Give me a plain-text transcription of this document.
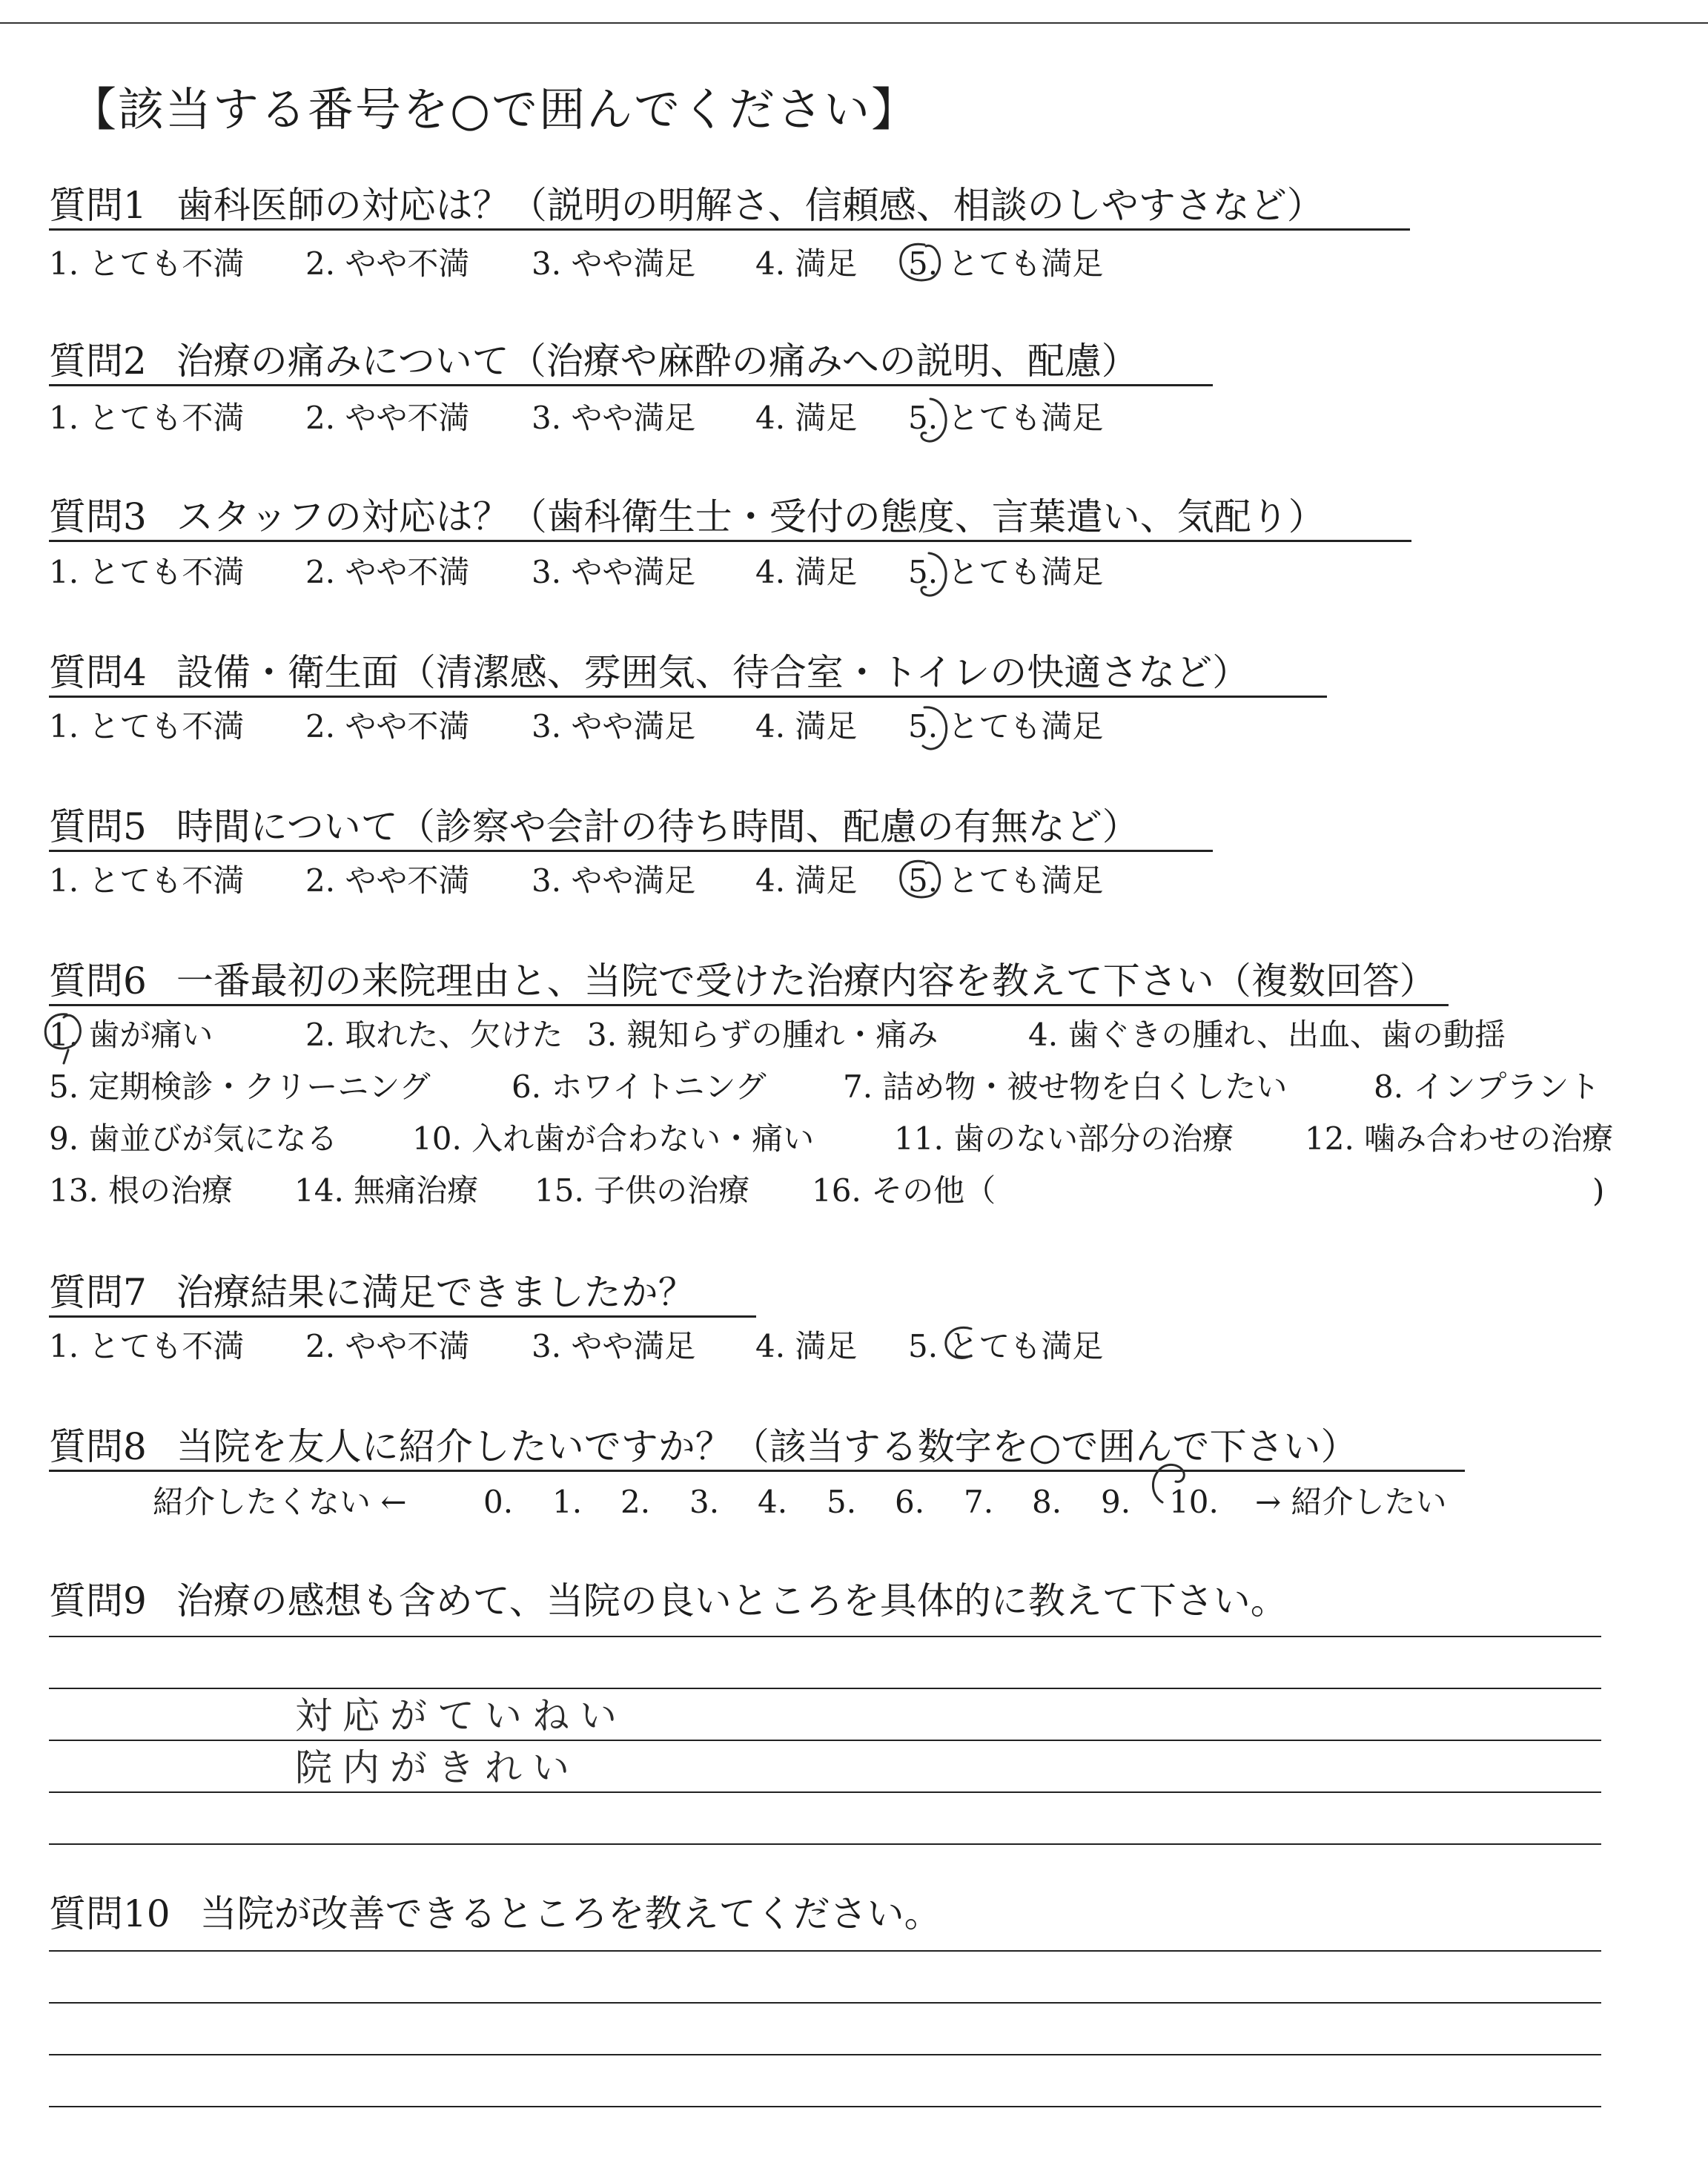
【該当する番号を○で囲んでください】
質問1 歯科医師の対応は？（説明の明解さ、信頼感、相談のしやすさなど）
1. とても不満 2. やや不満 3. やや満足 4. 満足 5. とても満足
質問2 治療の痛みについて（治療や麻酔の痛みへの説明、配慮）
1. とても不満 2. やや不満 3. やや満足 4. 満足 5. とても満足
質問3 スタッフの対応は？（歯科衛生士・受付の態度、言葉遣い、気配り）
1. とても不満 2. やや不満 3. やや満足 4. 満足 5. とても満足
質問4 設備・衛生面（清潔感、雰囲気、待合室・トイレの快適さなど）
1. とても不満 2. やや不満 3. やや満足 4. 満足 5. とても満足
質問5 時間について（診察や会計の待ち時間、配慮の有無など）
1. とても不満 2. やや不満 3. やや満足 4. 満足 5. とても満足
質問6 一番最初の来院理由と、当院で受けた治療内容を教えて下さい（複数回答）
1. 歯が痛い	2. 取れた、欠けた 3. 親知らずの腫れ・痛み	4. 歯ぐきの腫れ、出血、歯の動揺
5. 定期検診・クリーニング	6. ホワイトニング 7. 詰め物・被せ物を白くしたい	8. インプラント
9. 歯並びが気になる 10. 入れ歯が合わない・痛い	11. 歯のない部分の治療 12. 噛み合わせの治療
13. 根の治療 14. 無痛治療 15. 子供の治療 16. その他（	)
質問7 治療結果に満足できましたか？
1. とても不満 2. やや不満 3. やや満足 4. 満足 5. とても満足
質問8 当院を友人に紹介したいですか？（該当する数字を○で囲んで下さい）
紹介したくない ← 0. 1. 2. 3. 4. 5. 6. 7. 8. 9. 10. → 紹介したい
質問9 治療の感想も含めて、当院の良いところを具体的に教えて下さい。
対応がていねい
院内がきれい
質問10 当院が改善できるところを教えてください。
